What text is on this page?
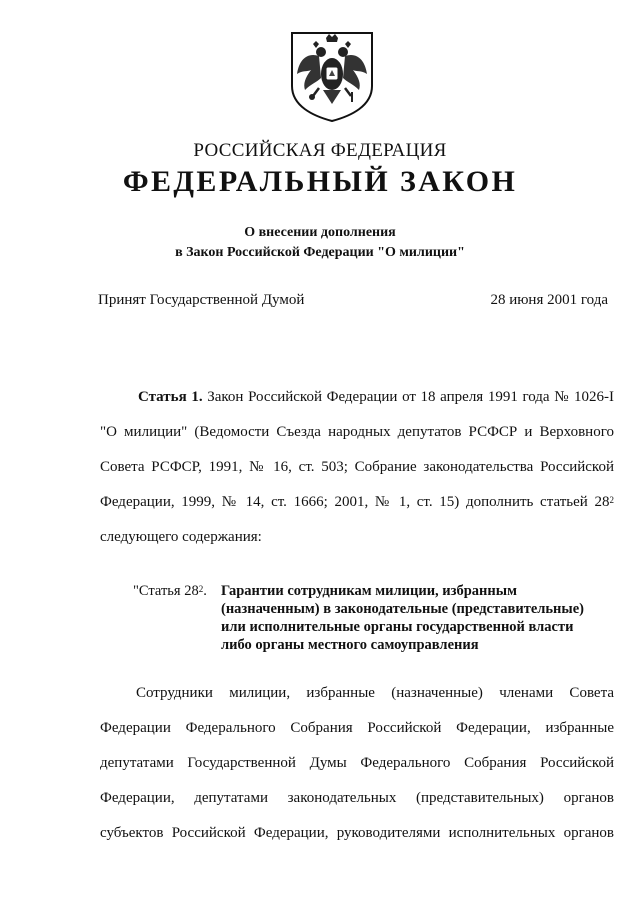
РОССИЙСКАЯ ФЕДЕРАЦИЯ
ФЕДЕРАЛЬНЫЙ ЗАКОН
О внесении дополнения
в Закон Российской Федерации "О милиции"
Принят Государственной Думой	28 июня 2001 года
Статья 1. Закон Российской Федерации от 18 апреля 1991 года № 1026-I
"О милиции" (Ведомости Съезда народных депутатов РСФСР и Верховного
Совета РСФСР, 1991, № 16, ст. 503; Собрание законодательства Российской
Федерации, 1999, № 14, ст. 1666; 2001, № 1, ст. 15) дополнить статьей $28^2$
следующего содержания:
"Статья $28^2$. Гарантии сотрудникам милиции, избранным
(назначенным) в законодательные (представительные)
или исполнительные органы государственной власти
либо органы местного самоуправления
Сотрудники милиции, избранные (назначенные) членами Совета
Федерации Федерального Собрания Российской Федерации, избранные
депутатами Государственной Думы Федерального Собрания Российской
Федерации, депутатами законодательных (представительных) органов
субъектов Российской Федерации, руководителями исполнительных органов
